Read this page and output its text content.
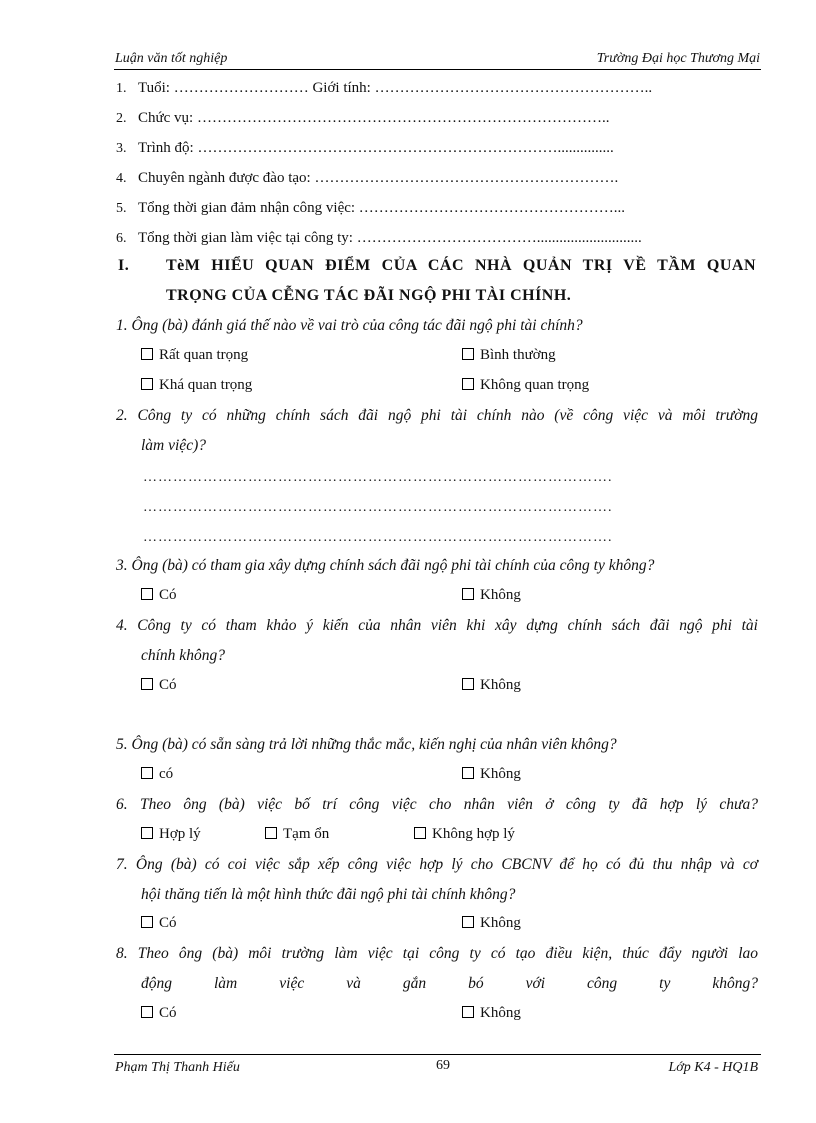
Luận văn tốt nghiệp	Trường Đại học Thương Mại
1. Tuổi: ……………………… Giới tính: ………………………………………………..
2. Chức vụ: ………………………………………………………………………..
3. Trình độ: ………………………………………………………………...............
4. Chuyên ngành được đào tạo: …………………………………………………….
5. Tổng thời gian đảm nhận công việc: ……………………………………………...
6. Tổng thời gian làm việc tại công ty: ………………………………............................
I. TèM HIỂU QUAN ĐIỂM CỦA CÁC NHÀ QUẢN TRỊ VỀ TẦM QUAN
TRỌNG CỦA CỄNG TÁC ĐÃI NGỘ PHI TÀI CHÍNH.
1. Ông (bà) đánh giá thế nào về vai trò của công tác đãi ngộ phi tài chính?
Rất quan trọng	Bình thường
Khá quan trọng	Không quan trọng
2. Công ty có những chính sách đãi ngộ phi tài chính nào (về công việc và môi trường
làm việc)?
………………………………………………………………………………….
………………………………………………………………………………….
………………………………………………………………………………….
3. Ông (bà) có tham gia xây dựng chính sách đãi ngộ phi tài chính của công ty không?
Có	Không
4. Công ty có tham khảo ý kiến của nhân viên khi xây dựng chính sách đãi ngộ phi tài
chính không?
Có	Không
5. Ông (bà) có sẵn sàng trả lời những thắc mắc, kiến nghị của nhân viên không?
có	Không
6. Theo ông (bà) việc bố trí công việc cho nhân viên ở công ty đã hợp lý chưa?
Hợp lý	Tạm ổn	Không hợp lý
7. Ông (bà) có coi việc sắp xếp công việc hợp lý cho CBCNV để họ có đủ thu nhập và cơ
hội thăng tiến là một hình thức đãi ngộ phi tài chính không?
Có	Không
8. Theo ông (bà) môi trường làm việc tại công ty có tạo điều kiện, thúc đẩy người lao
động làm việc và gắn bó với công ty không?
Có	Không
Phạm Thị Thanh Hiếu	69	Lớp K4 - HQ1B
